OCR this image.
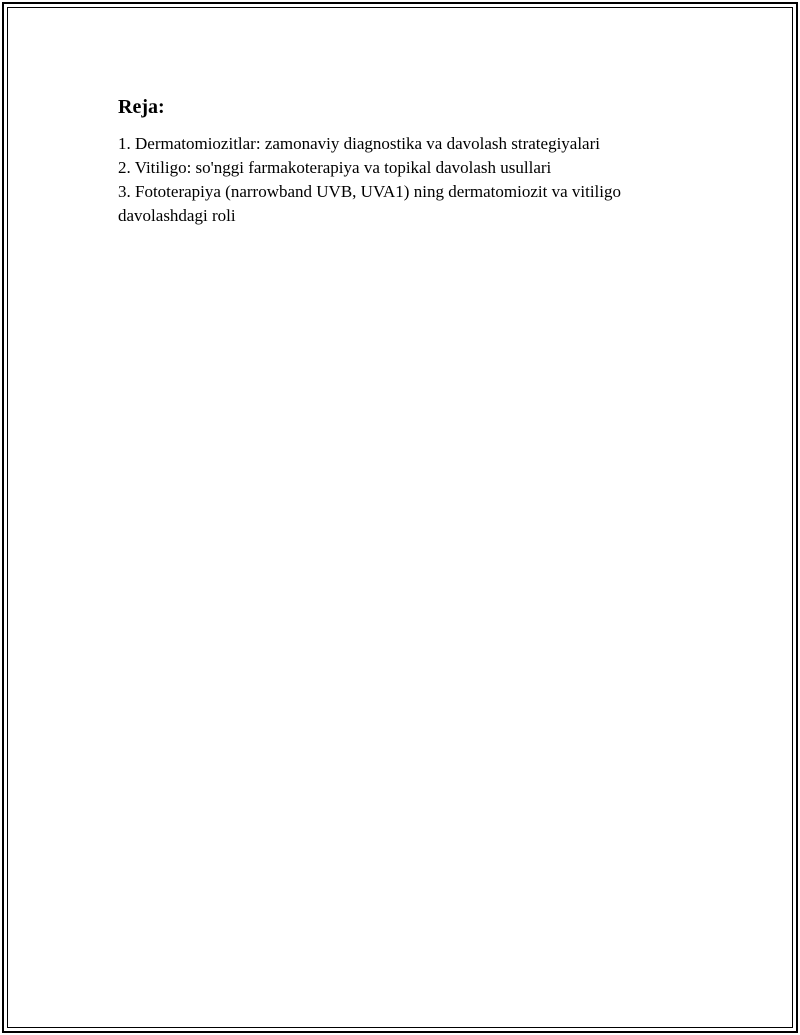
Reja:
1. Dermatomiozitlar: zamonaviy diagnostika va davolash strategiyalari
2. Vitiligo: so'nggi farmakoterapiya va topikal davolash usullari
3. Fototerapiya (narrowband UVB, UVA1) ning dermatomiozit va vitiligo davolashdagi roli
